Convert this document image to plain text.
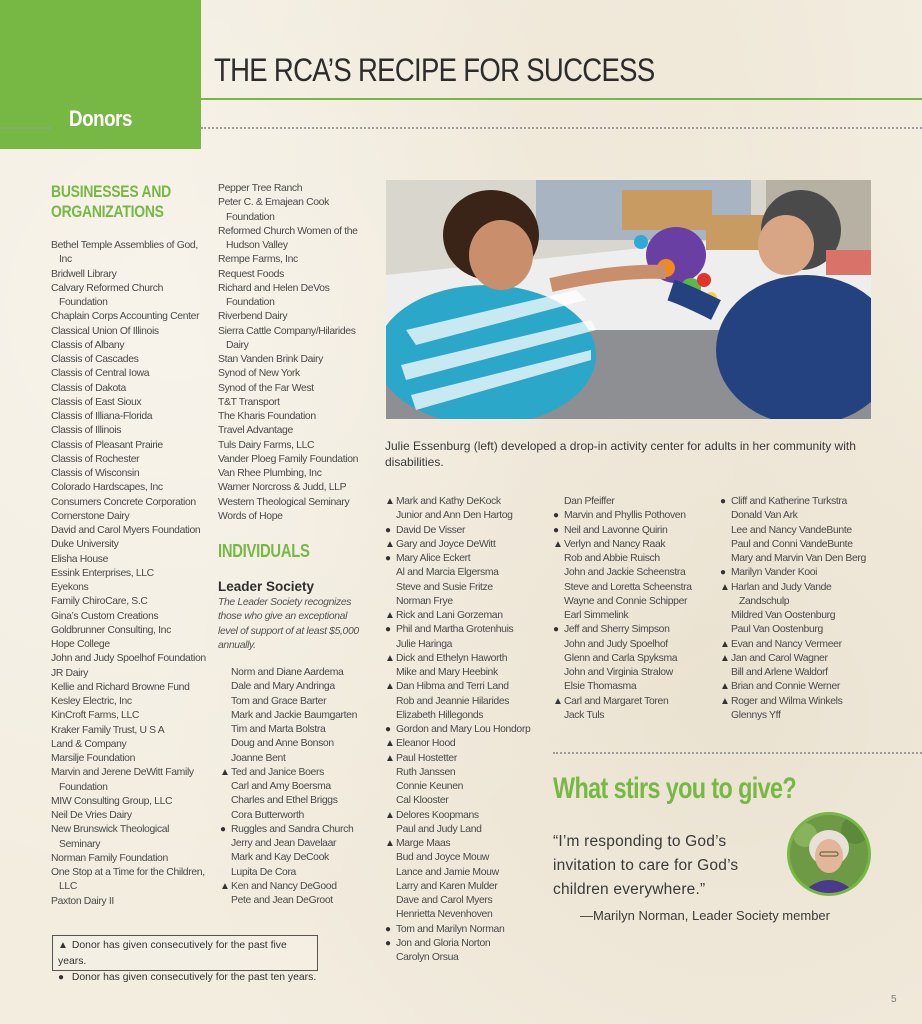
Donors
THE RCA’S RECIPE FOR SUCCESS
BUSINESSES AND
ORGANIZATIONS
Bethel Temple Assemblies of God,
Inc
Bridwell Library
Calvary Reformed Church
Foundation
Chaplain Corps Accounting Center
Classical Union Of Illinois
Classis of Albany
Classis of Cascades
Classis of Central Iowa
Classis of Dakota
Classis of East Sioux
Classis of Illiana-Florida
Classis of Illinois
Classis of Pleasant Prairie
Classis of Rochester
Classis of Wisconsin
Colorado Hardscapes, Inc
Consumers Concrete Corporation
Cornerstone Dairy
David and Carol Myers Foundation
Duke University
Elisha House
Essink Enterprises, LLC
Eyekons
Family ChiroCare, S.C
Gina’s Custom Creations
Goldbrunner Consulting, Inc
Hope College
John and Judy Spoelhof Foundation
JR Dairy
Kellie and Richard Browne Fund
Kesley Electric, Inc
KinCroft Farms, LLC
Kraker Family Trust, U S A
Land & Company
Marsilje Foundation
Marvin and Jerene DeWitt Family
Foundation
MIW Consulting Group, LLC
Neil De Vries Dairy
New Brunswick Theological
Seminary
Norman Family Foundation
One Stop at a Time for the Children,
LLC
Paxton Dairy II
Pepper Tree Ranch
Peter C. & Emajean Cook
Foundation
Reformed Church Women of the
Hudson Valley
Rempe Farms, Inc
Request Foods
Richard and Helen DeVos
Foundation
Riverbend Dairy
Sierra Cattle Company/Hilarides
Dairy
Stan Vanden Brink Dairy
Synod of New York
Synod of the Far West
T&T Transport
The Kharis Foundation
Travel Advantage
Tuls Dairy Farms, LLC
Vander Ploeg Family Foundation
Van Rhee Plumbing, Inc
Warner Norcross & Judd, LLP
Western Theological Seminary
Words of Hope
INDIVIDUALS
Leader Society
The Leader Society recognizes those who give an exceptional level of support of at least $5,000 annually.
Norm and Diane Aardema
Dale and Mary Andringa
Tom and Grace Barter
Mark and Jackie Baumgarten
Tim and Marta Bolstra
Doug and Anne Bonson
Joanne Bent
▲Ted and Janice Boers
Carl and Amy Boersma
Charles and Ethel Briggs
Cora Butterworth
● Ruggles and Sandra Church
Jerry and Jean Davelaar
Mark and Kay DeCook
Lupita De Cora
▲Ken and Nancy DeGood
Pete and Jean DeGroot
▲Mark and Kathy DeKock
Junior and Ann Den Hartog
● David De Visser
▲Gary and Joyce DeWitt
● Mary Alice Eckert
Al and Marcia Elgersma
Steve and Susie Fritze
Norman Frye
▲Rick and Lani Gorzeman
● Phil and Martha Grotenhuis
Julie Haringa
▲Dick and Ethelyn Haworth
Mike and Mary Heebink
▲Dan Hibma and Terri Land
Rob and Jeannie Hilarides
Elizabeth Hillegonds
● Gordon and Mary Lou Hondorp
▲Eleanor Hood
▲Paul Hostetter
Ruth Janssen
Connie Keunen
Cal Klooster
▲Delores Koopmans
Paul and Judy Land
▲Marge Maas
Bud and Joyce Mouw
Lance and Jamie Mouw
Larry and Karen Mulder
Dave and Carol Myers
Henrietta Nevenhoven
● Tom and Marilyn Norman
● Jon and Gloria Norton
Carolyn Orsua
Dan Pfeiffer
● Marvin and Phyllis Pothoven
● Neil and Lavonne Quirin
▲Verlyn and Nancy Raak
Rob and Abbie Ruisch
John and Jackie Scheenstra
Steve and Loretta Scheenstra
Wayne and Connie Schipper
Earl Simmelink
● Jeff and Sherry Simpson
John and Judy Spoelhof
Glenn and Carla Spyksma
John and Virginia Stralow
Elsie Thomasma
▲Carl and Margaret Toren
Jack Tuls
● Cliff and Katherine Turkstra
Donald Van Ark
Lee and Nancy VandeBunte
Paul and Conni VandeBunte
Mary and Marvin Van Den Berg
● Marilyn Vander Kooi
▲Harlan and Judy Vande
Zandschulp
Mildred Van Oostenburg
Paul Van Oostenburg
▲Evan and Nancy Vermeer
▲Jan and Carol Wagner
Bill and Arlene Waldorf
▲Brian and Connie Werner
▲Roger and Wilma Winkels
Glennys Yff
Julie Essenburg (left) developed a drop-in activity center for adults in her community with disabilities.
What stirs you to give?
“I’m responding to God’s invitation to care for God’s children everywhere.”
—Marilyn Norman, Leader Society member
▲ Donor has given consecutively for the past five years.
● Donor has given consecutively for the past ten years.
5
